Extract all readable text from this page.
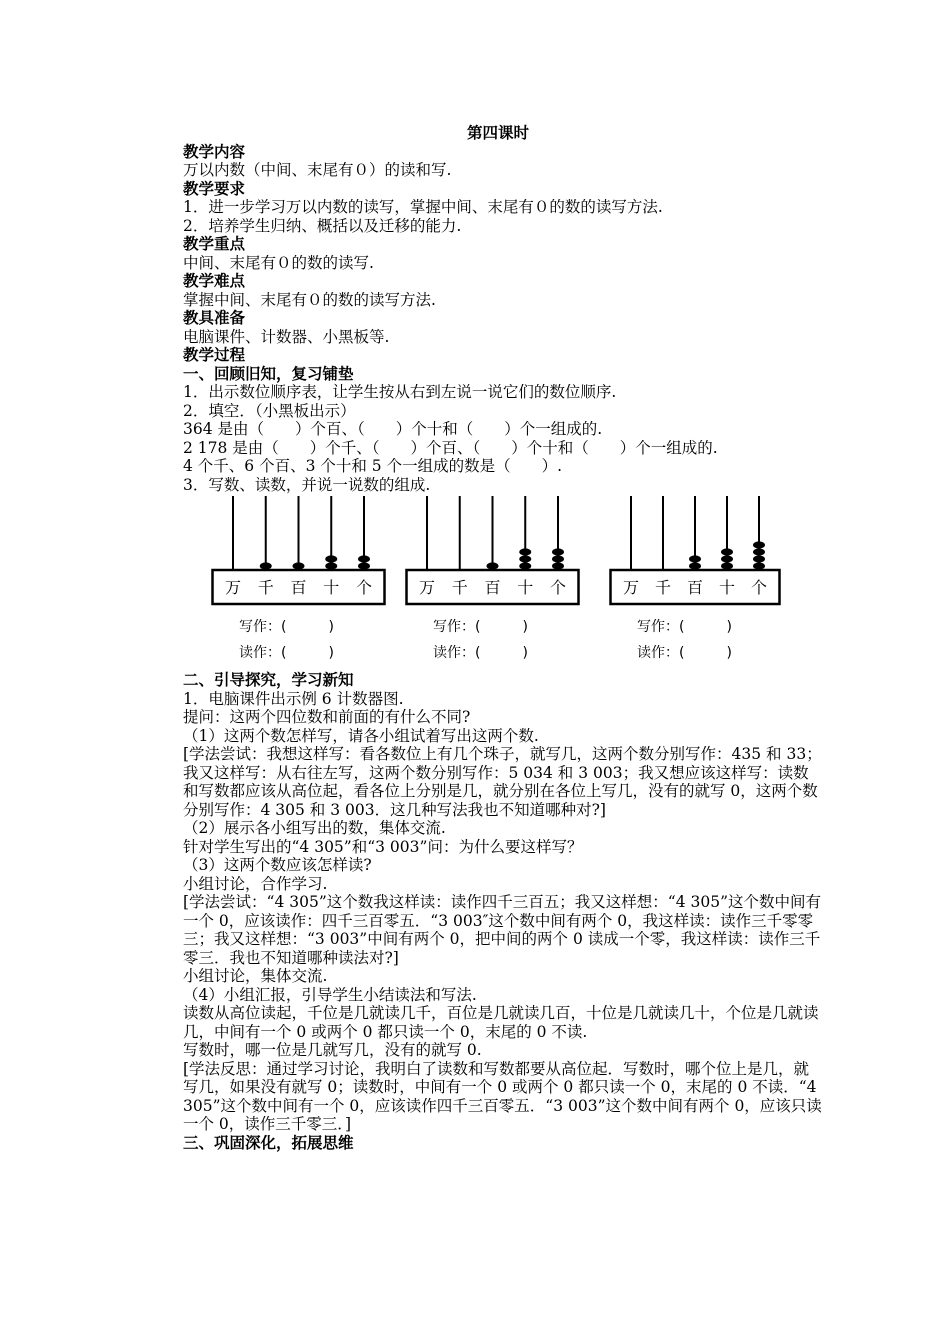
第四课时
教学内容

万以内数（中间、末尾有０）的读和写.

教学要求

1．进一步学习万以内数的读写，掌握中间、末尾有０的数的读写方法.

2．培养学生归纳、概括以及迁移的能力.

教学重点

中间、末尾有０的数的读写.

教学难点

掌握中间、末尾有０的数的读写方法.

教具准备

电脑课件、计数器、小黑板等.

教学过程
一、回顾旧知，复习铺垫

1．出示数位顺序表，让学生按从右到左说一说它们的数位顺序.

2．填空．（小黑板出示）

364 是由（　　）个百、（　　）个十和（　　）个一组成的.

2 178 是由（　　）个千、（　　）个百、（　　）个十和（　　）个一组成的.

4 个千、6 个百、3 个十和 5 个一组成的数是（　　）.

3．写数、读数，并说一说数的组成.

万 千 百 十 个
写作：(　　　)
读作：(　　　)
万 千 百 十 个
写作：(　　　)
读作：(　　　)
万 千 百 十 个
写作：(　　　)
读作：(　　　)
二、引导探究，学习新知

1．电脑课件出示例 6 计数器图.

提问：这两个四位数和前面的有什么不同?

（1）这两个数怎样写，请各小组试着写出这两个数.

[学法尝试：我想这样写：看各数位上有几个珠子，就写几，这两个数分别写作：435 和 33；我又这样写：从右往左写，这两个数分别写作：5 034 和 3 003；我又想应该这样写：读数和写数都应该从高位起，看各位上分别是几，就分别在各位上写几，没有的就写 0，这两个数分别写作：4 305 和 3 003．这几种写法我也不知道哪种对?]

（2）展示各小组写出的数，集体交流.

针对学生写出的“4 305”和“3 003”问：为什么要这样写？

（3）这两个数应该怎样读?

小组讨论，合作学习.

[学法尝试：“4 305”这个数我这样读：读作四千三百五；我又这样想：“4 305”这个数中间有一个 0，应该读作：四千三百零五．“3 003″这个数中间有两个 0，我这样读：读作三千零零三；我又这样想：“3 003”中间有两个 0，把中间的两个 0 读成一个零，我这样读：读作三千零三．我也不知道哪种读法对?]

小组讨论，集体交流.

（4）小组汇报，引导学生小结读法和写法.

读数从高位读起，千位是几就读几千，百位是几就读几百，十位是几就读几十，个位是几就读几，中间有一个 0 或两个 0 都只读一个 0，末尾的 0 不读.

写数时，哪一位是几就写几，没有的就写 0.

[学法反思：通过学习讨论，我明白了读数和写数都要从高位起．写数时，哪个位上是几，就写几，如果没有就写 0；读数时，中间有一个 0 或两个 0 都只读一个 0，末尾的 0 不读．“4 305”这个数中间有一个 0，应该读作四千三百零五．“3 003”这个数中间有两个 0，应该只读一个 0，读作三千零三．]

三、巩固深化，拓展思维
